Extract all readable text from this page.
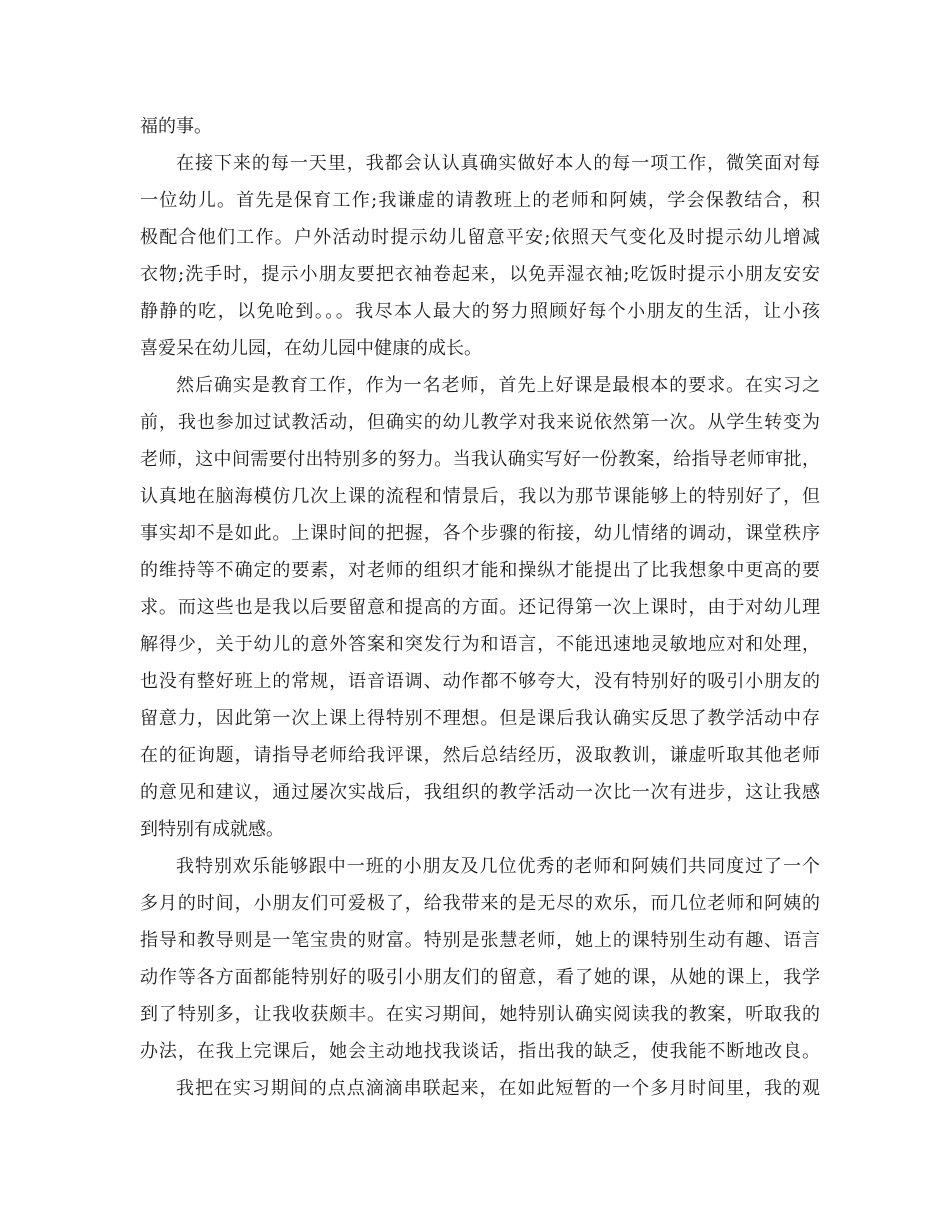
福的事。
在接下来的每一天里，我都会认认真确实做好本人的每一项工作，微笑面对每
一位幼儿。首先是保育工作;我谦虚的请教班上的老师和阿姨，学会保教结合，积
极配合他们工作。户外活动时提示幼儿留意平安;依照天气变化及时提示幼儿增减
衣物;洗手时，提示小朋友要把衣袖卷起来，以免弄湿衣袖;吃饭时提示小朋友安安
静静的吃，以免呛到。。。我尽本人最大的努力照顾好每个小朋友的生活，让小孩
喜爱呆在幼儿园，在幼儿园中健康的成长。
然后确实是教育工作，作为一名老师，首先上好课是最根本的要求。在实习之
前，我也参加过试教活动，但确实的幼儿教学对我来说依然第一次。从学生转变为
老师，这中间需要付出特别多的努力。当我认确实写好一份教案，给指导老师审批，
认真地在脑海模仿几次上课的流程和情景后，我以为那节课能够上的特别好了，但
事实却不是如此。上课时间的把握，各个步骤的衔接，幼儿情绪的调动，课堂秩序
的维持等不确定的要素，对老师的组织才能和操纵才能提出了比我想象中更高的要
求。而这些也是我以后要留意和提高的方面。还记得第一次上课时，由于对幼儿理
解得少，关于幼儿的意外答案和突发行为和语言，不能迅速地灵敏地应对和处理，
也没有整好班上的常规，语音语调、动作都不够夸大，没有特别好的吸引小朋友的
留意力，因此第一次上课上得特别不理想。但是课后我认确实反思了教学活动中存
在的征询题，请指导老师给我评课，然后总结经历，汲取教训，谦虚听取其他老师
的意见和建议，通过屡次实战后，我组织的教学活动一次比一次有进步，这让我感
到特别有成就感。
我特别欢乐能够跟中一班的小朋友及几位优秀的老师和阿姨们共同度过了一个
多月的时间，小朋友们可爱极了，给我带来的是无尽的欢乐，而几位老师和阿姨的
指导和教导则是一笔宝贵的财富。特别是张慧老师，她上的课特别生动有趣、语言
动作等各方面都能特别好的吸引小朋友们的留意，看了她的课，从她的课上，我学
到了特别多，让我收获颇丰。在实习期间，她特别认确实阅读我的教案，听取我的
办法，在我上完课后，她会主动地找我谈话，指出我的缺乏，使我能不断地改良。
我把在实习期间的点点滴滴串联起来，在如此短暂的一个多月时间里，我的观
